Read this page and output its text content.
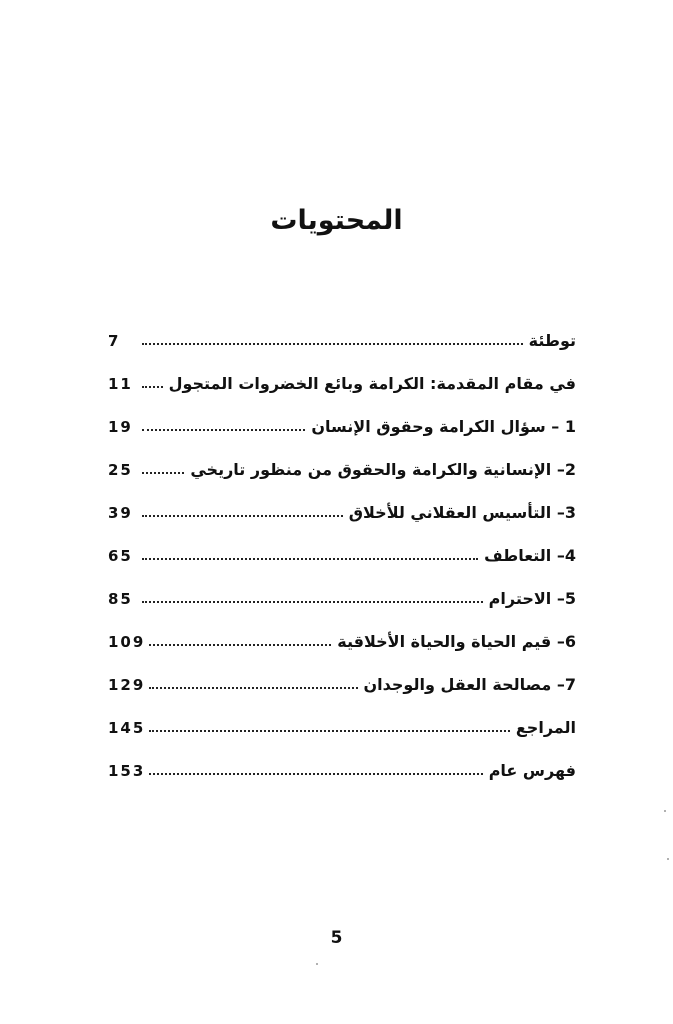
المحتويات
توطئة
7
في مقام المقدمة: الكرامة وبائع الخضروات المتجول
11
1 – سؤال الكرامة وحقوق الإنسان
19
2– الإنسانية والكرامة والحقوق من منظور تاريخي
25
3– التأسيس العقلاني للأخلاق
39
4– التعاطف
65
5– الاحترام
85
6– قيم الحياة والحياة الأخلاقية
109
7– مصالحة العقل والوجدان
129
المراجع
145
فهرس عام
153
5
